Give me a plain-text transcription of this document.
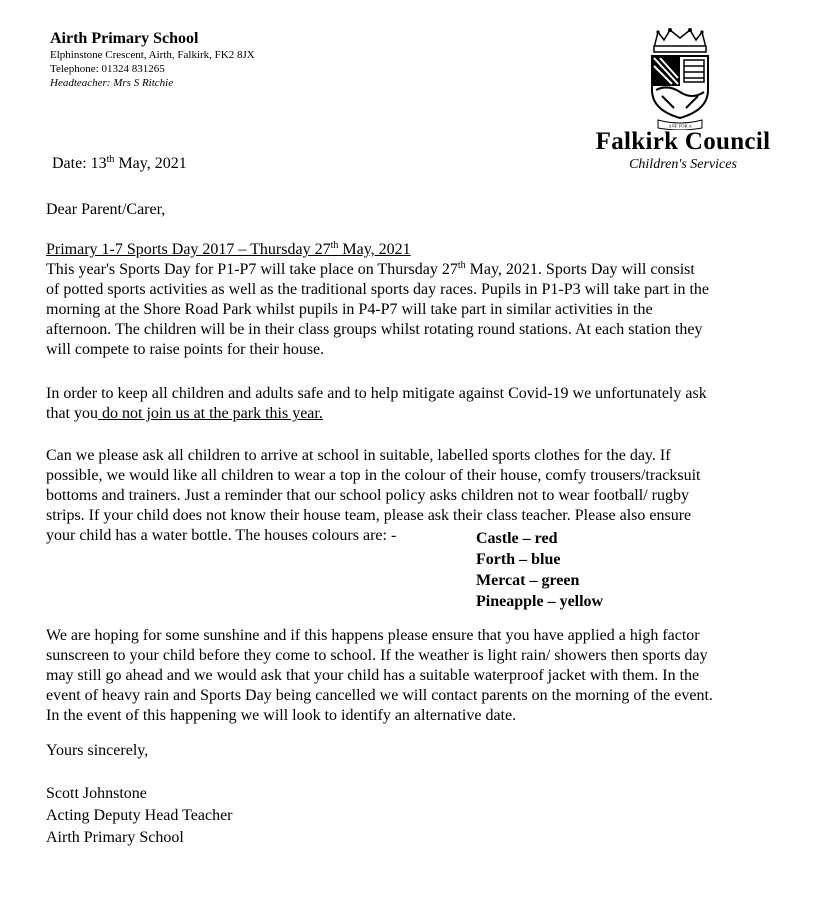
Airth Primary School
Elphinstone Crescent, Airth, Falkirk, FK2 8JX
Telephone: 01324 831265
Headteacher: Mrs S Ritchie
ANE FOR A
Falkirk Council
Children's Services
Date: 13th May, 2021
Dear Parent/Carer,
Primary 1-7 Sports Day 2017 – Thursday 27th May, 2021
This year's Sports Day for P1-P7 will take place on Thursday 27th May, 2021. Sports Day will consist
of potted sports activities as well as the traditional sports day races. Pupils in P1-P3 will take part in the
morning at the Shore Road Park whilst pupils in P4-P7 will take part in similar activities in the
afternoon. The children will be in their class groups whilst rotating round stations. At each station they
will compete to raise points for their house.
In order to keep all children and adults safe and to help mitigate against Covid-19 we unfortunately ask
that you do not join us at the park this year.
Can we please ask all children to arrive at school in suitable, labelled sports clothes for the day. If
possible, we would like all children to wear a top in the colour of their house, comfy trousers/tracksuit
bottoms and trainers. Just a reminder that our school policy asks children not to wear football/ rugby
strips. If your child does not know their house team, please ask their class teacher. Please also ensure
your child has a water bottle. The houses colours are: -	Castle – red
Forth – blue
Mercat – green
Pineapple – yellow
We are hoping for some sunshine and if this happens please ensure that you have applied a high factor
sunscreen to your child before they come to school. If the weather is light rain/ showers then sports day
may still go ahead and we would ask that your child has a suitable waterproof jacket with them. In the
event of heavy rain and Sports Day being cancelled we will contact parents on the morning of the event.
In the event of this happening we will look to identify an alternative date.
Yours sincerely,
Scott Johnstone
Acting Deputy Head Teacher
Airth Primary School
